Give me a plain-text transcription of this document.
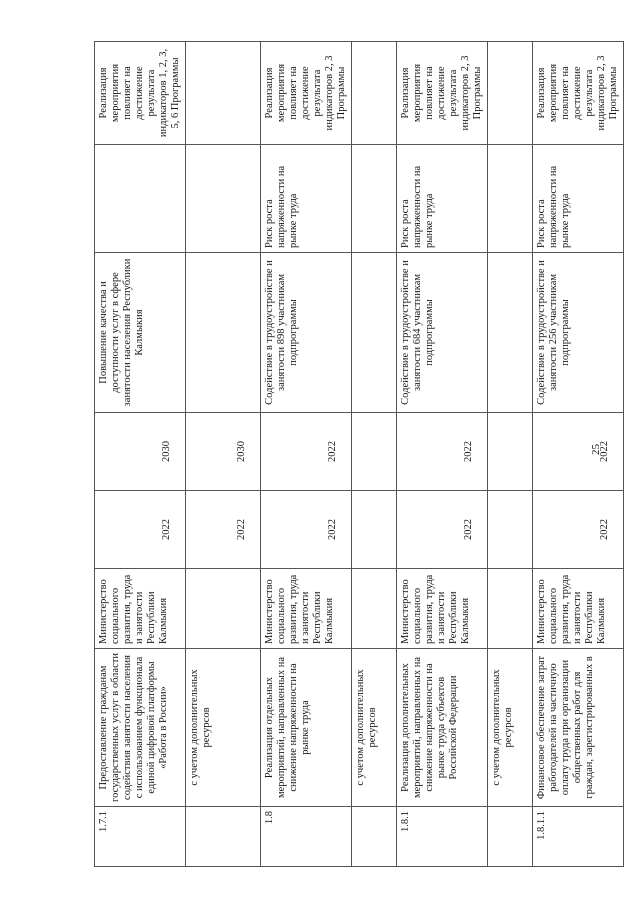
1.7.1	Предоставление гражданам государственных услуг в области содействия занятости населения с использованием функционала единой цифровой платформы «Работа в России»	Министерство социального развития, труда и занятости Республики Калмыкия	2022	2030	Повышение качества и доступности услуг в сфере занятости населения Республики Калмыкия		Реализация мероприятия повлияет на достижение результата индикаторов 1, 2, 3, 5, 6 Программы
	с учетом дополнительных ресурсов		2022	2030			
1.8	Реализация отдельных мероприятий, направленных на снижение напряженности на рынке труда	Министерство социального развития, труда и занятости Республики Калмыкия	2022	2022	Содействие в трудоустройстве и занятости 898 участникам подпрограммы	Риск роста напряженности на рынке труда	Реализация мероприятия повлияет на достижение результата индикаторов 2, 3 Программы
	с учетом дополнительных ресурсов						
1.8.1	Реализация дополнительных мероприятий, направленных на снижение напряженности на рынке труда субъектов Российской Федерации	Министерство социального развития, труда и занятости Республики Калмыкия	2022	2022	Содействие в трудоустройстве и занятости 684 участникам подпрограммы	Риск роста напряженности на рынке труда	Реализация мероприятия повлияет на достижение результата индикаторов 2, 3 Программы
	с учетом дополнительных ресурсов						
1.8.1.1	Финансовое обеспечение затрат работодателей на частичную оплату труда при организации общественных работ для граждан, зарегистрированных в	Министерство социального развития, труда и занятости Республики Калмыкия	2022	2022	Содействие в трудоустройстве и занятости 256 участникам подпрограммы	Риск роста напряженности на рынке труда	Реализация мероприятия повлияет на достижение результата индикаторов 2, 3 Программы
25
